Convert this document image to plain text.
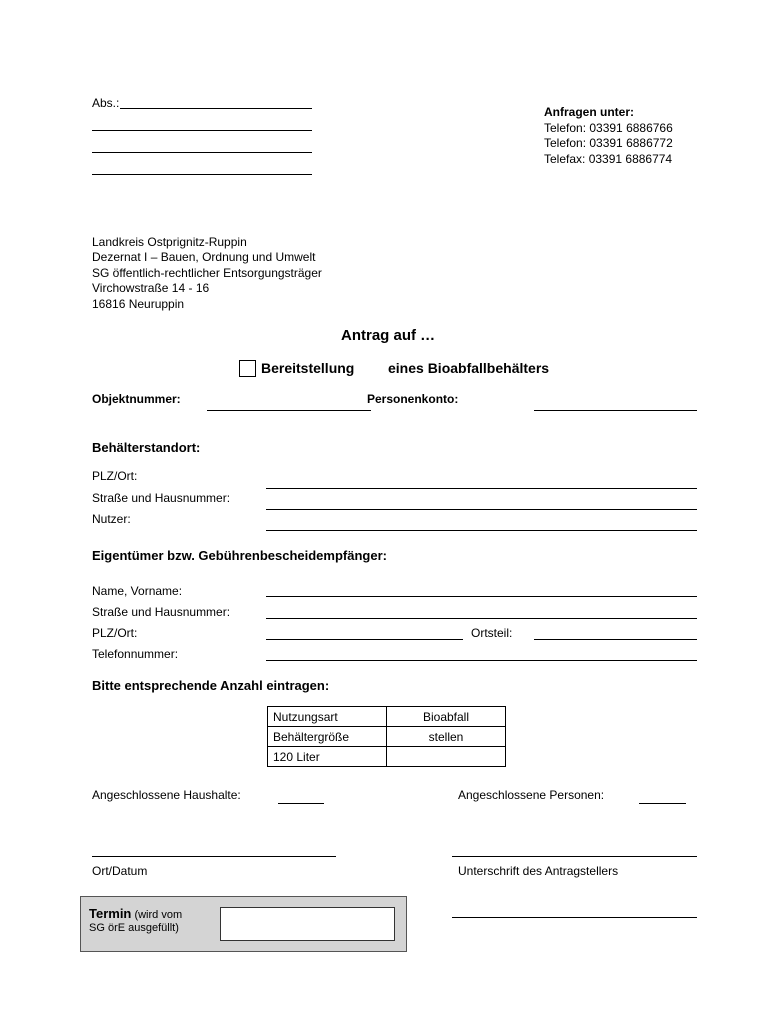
Abs.:
Anfragen unter:
Telefon: 03391 6886766
Telefon: 03391 6886772
Telefax: 03391 6886774
Landkreis Ostprignitz-Ruppin
Dezernat I – Bauen, Ordnung und Umwelt
SG öffentlich-rechtlicher Entsorgungsträger
Virchowstraße 14 - 16
16816 Neuruppin
Antrag auf …
Bereitstellung eines Bioabfallbehälters
Objektnummer:	Personenkonto:
Behälterstandort:
PLZ/Ort:
Straße und Hausnummer:
Nutzer:
Eigentümer bzw. Gebührenbescheidempfänger:
Name, Vorname:
Straße und Hausnummer:
PLZ/Ort:	Ortsteil:
Telefonnummer:
Bitte entsprechende Anzahl eintragen:
Nutzungsart	Bioabfall
Behältergröße	stellen
120 Liter	
Angeschlossene Haushalte:	Angeschlossene Personen:
Ort/Datum	Unterschrift des Antragstellers
Termin (wird vom
SG örE ausgefüllt)
